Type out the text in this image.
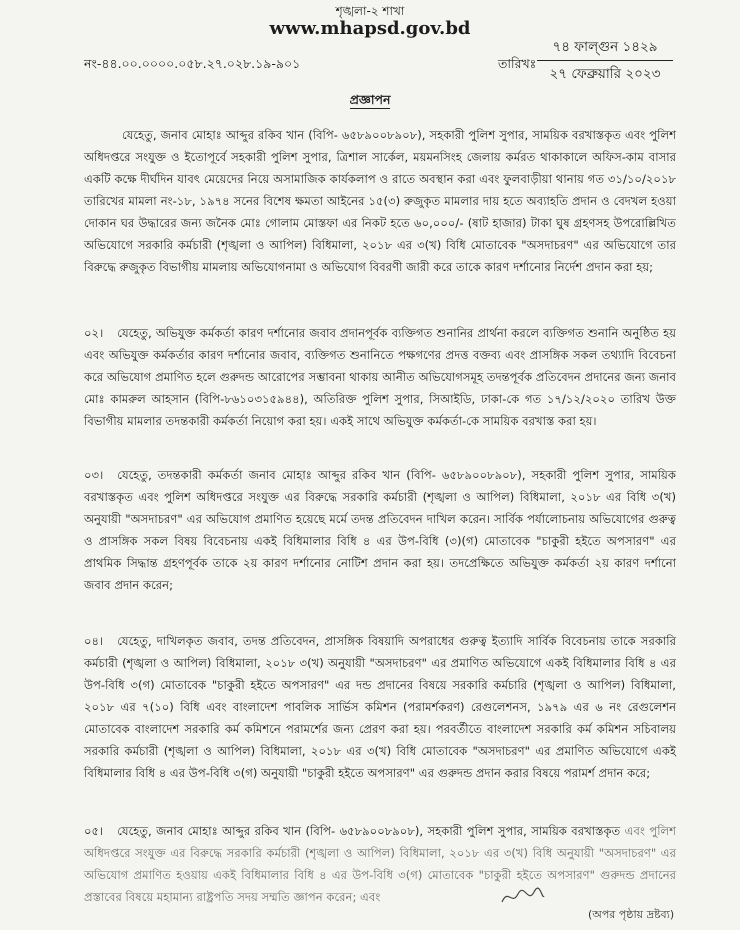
শৃঙ্খলা-২ শাখা
www.mhapsd.gov.bd
নং-৪৪.০০.০০০০.০৫৮.২৭.০২৮.১৯-৯০১	তারিখঃ
৭৪ ফাল্গুন ১৪২৯
২৭ ফেব্রুয়ারি ২০২৩
প্রজ্ঞাপন
যেহেতু, জনাব মোহাঃ আব্দুর রকিব খান (বিপি- ৬৫৮৯০০৮৯০৮), সহকারী পুলিশ সুপার, সাময়িক বরখাস্তকৃত এবং পুলিশ অধিদপ্তরে সংযুক্ত ও ইতোপূর্বে সহকারী পুলিশ সুপার, ত্রিশাল সার্কেল, ময়মনসিংহ জেলায় কর্মরত থাকাকালে অফিস-কাম বাসার একটি কক্ষে দীর্ঘদিন যাবৎ মেয়েদের নিয়ে অসামাজিক কার্যকলাপ ও রাতে অবস্থান করা এবং ফুলবাড়ীয়া থানায় গত ৩১/১০/২০১৮ তারিখের মামলা নং-১৮, ১৯৭৪ সনের বিশেষ ক্ষমতা আইনের ১৫(৩) রুজুকৃত মামলার দায় হতে অব্যাহতি প্রদান ও বেদখল হওয়া দোকান ঘর উদ্ধারের জন্য জনৈক মোঃ গোলাম মোস্তফা এর নিকট হতে ৬০,০০০/- (ষাট হাজার) টাকা ঘুষ গ্রহণসহ উপরোল্লিখিত অভিযোগে সরকারি কর্মচারী (শৃঙ্খলা ও আপিল) বিধিমালা, ২০১৮ এর ৩(খ) বিধি মোতাবেক "অসদাচরণ" এর অভিযোগে তার বিরুদ্ধে রুজুকৃত বিভাগীয় মামলায় অভিযোগনামা ও অভিযোগ বিবরণী জারী করে তাকে কারণ দর্শানোর নির্দেশ প্রদান করা হয়;
০২। যেহেতু, অভিযুক্ত কর্মকর্তা কারণ দর্শানোর জবাব প্রদানপূর্বক ব্যক্তিগত শুনানির প্রার্থনা করলে ব্যক্তিগত শুনানি অনুষ্ঠিত হয় এবং অভিযুক্ত কর্মকর্তার কারণ দর্শানোর জবাব, ব্যক্তিগত শুনানিতে পক্ষগণের প্রদত্ত বক্তব্য এবং প্রাসঙ্গিক সকল তথ্যাদি বিবেচনা করে অভিযোগ প্রমাণিত হলে গুরুদন্ড আরোপের সম্ভাবনা থাকায় আনীত অভিযোগসমূহ তদন্তপূর্বক প্রতিবেদন প্রদানের জন্য জনাব মোঃ কামরুল আহসান (বিপি-৮৬১০৩১৫৯৪৪), অতিরিক্ত পুলিশ সুপার, সিআইডি, ঢাকা-কে গত ১৭/১২/২০২০ তারিখ উক্ত বিভাগীয় মামলার তদন্তকারী কর্মকর্তা নিয়োগ করা হয়। একই সাথে অভিযুক্ত কর্মকর্তা-কে সাময়িক বরখাস্ত করা হয়।
০৩। যেহেতু, তদন্তকারী কর্মকর্তা জনাব মোহাঃ আব্দুর রকিব খান (বিপি- ৬৫৮৯০০৮৯০৮), সহকারী পুলিশ সুপার, সাময়িক বরখাস্তকৃত এবং পুলিশ অধিদপ্তরে সংযুক্ত এর বিরুদ্ধে সরকারি কর্মচারী (শৃঙ্খলা ও আপিল) বিধিমালা, ২০১৮ এর বিধি ৩(খ) অনুযায়ী "অসদাচরণ" এর অভিযোগ প্রমাণিত হয়েছে মর্মে তদন্ত প্রতিবেদন দাখিল করেন। সার্বিক পর্যালোচনায় অভিযোগের গুরুত্ব ও প্রাসঙ্গিক সকল বিষয় বিবেচনায় একই বিধিমালার বিধি ৪ এর উপ-বিধি (৩)(গ) মোতাবেক "চাকুরী হইতে অপসারণ" এর প্রাথমিক সিদ্ধান্ত গ্রহণপূর্বক তাকে ২য় কারণ দর্শানোর নোটিশ প্রদান করা হয়। তদপ্রেক্ষিতে অভিযুক্ত কর্মকর্তা ২য় কারণ দর্শানো জবাব প্রদান করেন;
০৪। যেহেতু, দাখিলকৃত জবাব, তদন্ত প্রতিবেদন, প্রাসঙ্গিক বিষয়াদি অপরাধের গুরুত্ব ইত্যাদি সার্বিক বিবেচনায় তাকে সরকারি কর্মচারী (শৃঙ্খলা ও আপিল) বিধিমালা, ২০১৮ ৩(খ) অনুযায়ী "অসদাচরণ" এর প্রমাণিত অভিযোগে একই বিধিমালার বিধি ৪ এর উপ-বিধি ৩(গ) মোতাবেক "চাকুরী হইতে অপসারণ" এর দন্ড প্রদানের বিষয়ে সরকারি কর্মচারি (শৃঙ্খলা ও আপিল) বিধিমালা, ২০১৮ এর ৭(১০) বিধি এবং বাংলাদেশ পাবলিক সার্ভিস কমিশন (পরামর্শকরণ) রেগুলেশনস, ১৯৭৯ এর ৬ নং রেগুলেশন মোতাবেক বাংলাদেশ সরকারি কর্ম কমিশনে পরামর্শের জন্য প্রেরণ করা হয়। পরবর্তীতে বাংলাদেশ সরকারি কর্ম কমিশন সচিবালয় সরকারি কর্মচারী (শৃঙ্খলা ও আপিল) বিধিমালা, ২০১৮ এর ৩(খ) বিধি মোতাবেক "অসদাচরণ" এর প্রমাণিত অভিযোগে একই বিধিমালার বিধি ৪ এর উপ-বিধি ৩(গ) অনুযায়ী "চাকুরী হইতে অপসারণ" এর গুরুদন্ড প্রদান করার বিষয়ে পরামর্শ প্রদান করে;
০৫। যেহেতু, জনাব মোহাঃ আব্দুর রকিব খান (বিপি- ৬৫৮৯০০৮৯০৮), সহকারী পুলিশ সুপার, সাময়িক বরখাস্তকৃত এবং পুলিশ অধিদপ্তরে সংযুক্ত এর বিরুদ্ধে সরকারি কর্মচারী (শৃঙ্খলা ও আপিল) বিধিমালা, ২০১৮ এর ৩(খ) বিধি অনুযায়ী "অসদাচরণ" এর অভিযোগ প্রমাণিত হওয়ায় একই বিধিমালার বিধি ৪ এর উপ-বিধি ৩(গ) মোতাবেক "চাকুরী হইতে অপসারণ" গুরুদন্ড প্রদানের প্রস্তাবের বিষয়ে মহামান্য রাষ্ট্রপতি সদয় সম্মতি জ্ঞাপন করেন; এবং
(অপর পৃষ্ঠায় দ্রষ্টব্য)
